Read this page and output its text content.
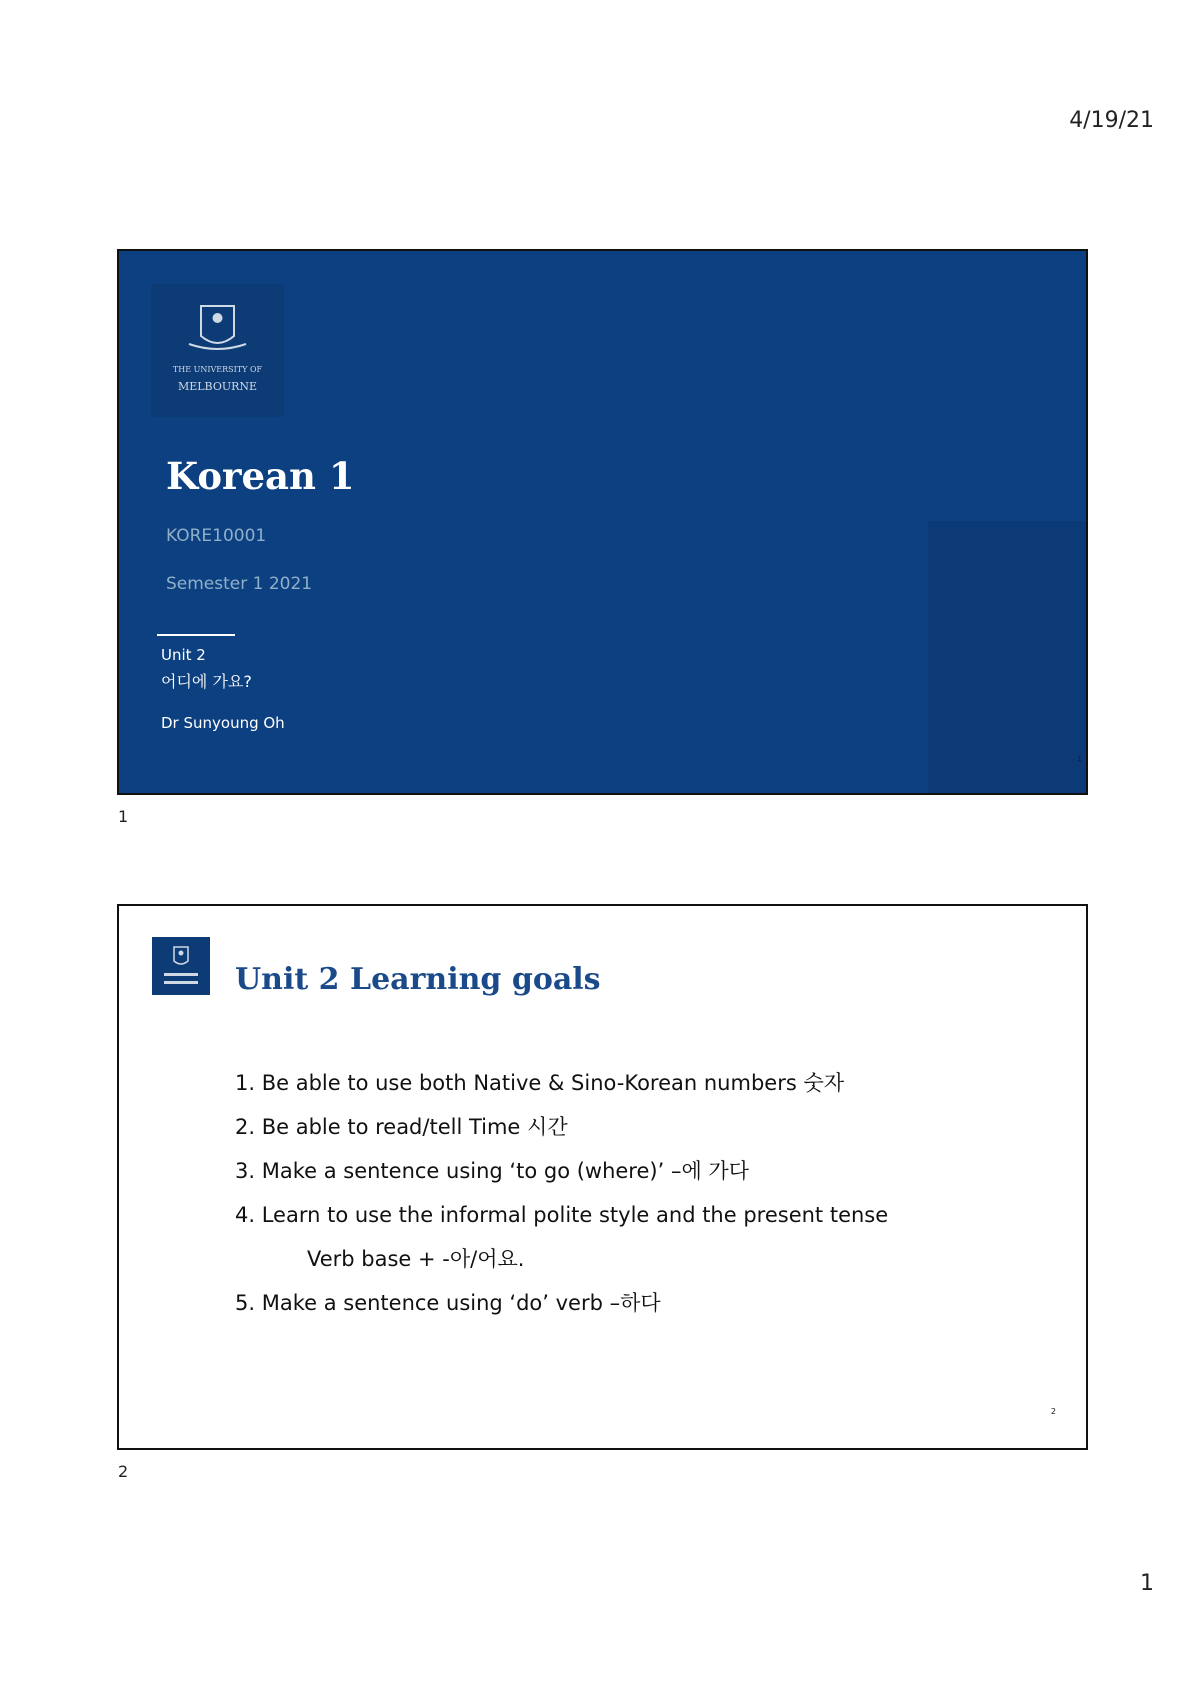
4/19/21
THE UNIVERSITY OF
MELBOURNE
Korean 1
KORE10001
Semester 1 2021
Unit 2
어디에 가요?
Dr Sunyoung Oh
1
1
Unit 2 Learning goals
1. Be able to use both Native & Sino-Korean numbers 숫자
2. Be able to read/tell Time 시간
3. Make a sentence using ‘to go (where)’ –에 가다
4. Learn to use the informal polite style and the present tense
Verb base + -아/어요.
5. Make a sentence using ‘do’ verb –하다
2
2
1
